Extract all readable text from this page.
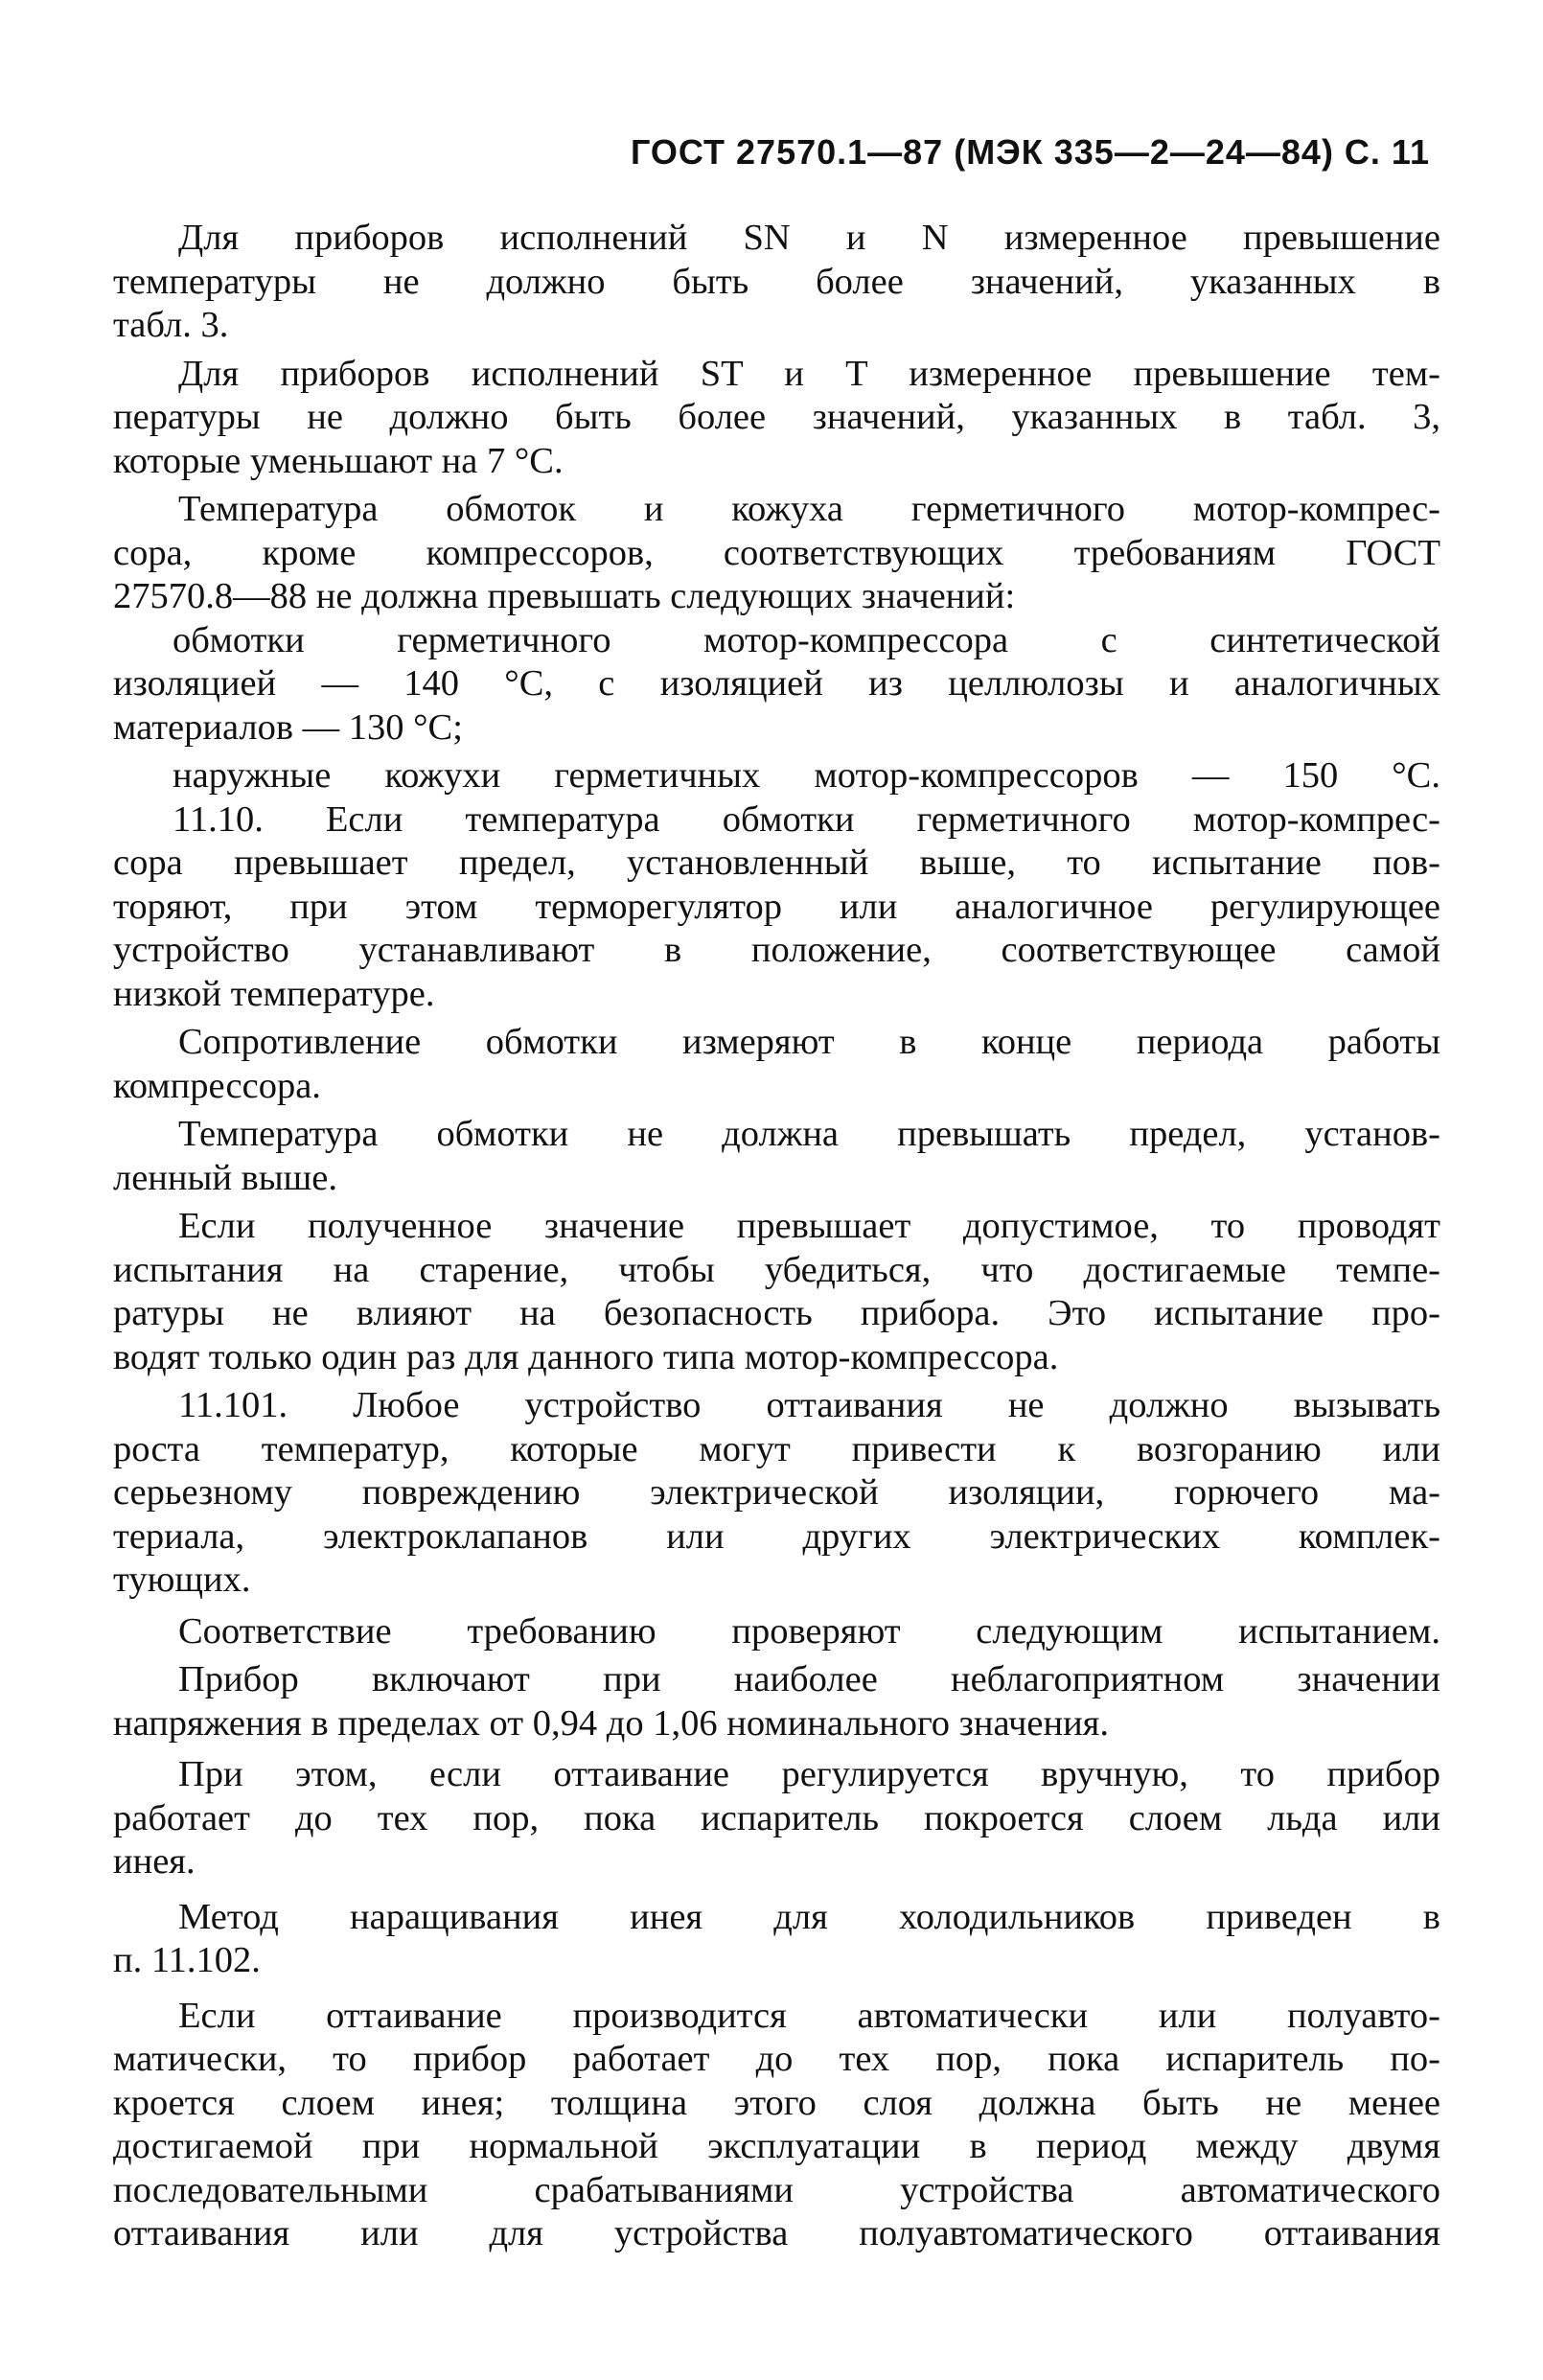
ГОСТ 27570.1—87 (МЭК 335—2—24—84) С. 11
Для приборов исполнений SN и N измеренное превышение
температуры не должно быть более значений, указанных в
табл. 3.
Для приборов исполнений ST и T измеренное превышение тем-
пературы не должно быть более значений, указанных в табл. 3,
которые уменьшают на 7 °С.
Температура обмоток и кожуха герметичного мотор-компрес-
сора, кроме компрессоров, соответствующих требованиям ГОСТ
27570.8—88 не должна превышать следующих значений:
обмотки герметичного мотор-компрессора с синтетической
изоляцией — 140 °С, с изоляцией из целлюлозы и аналогичных
материалов — 130 °С;
наружные кожухи герметичных мотор-компрессоров — 150 °С.
11.10. Если температура обмотки герметичного мотор-компрес-
сора превышает предел, установленный выше, то испытание пов-
торяют, при этом терморегулятор или аналогичное регулирующее
устройство устанавливают в положение, соответствующее самой
низкой температуре.
Сопротивление обмотки измеряют в конце периода работы
компрессора.
Температура обмотки не должна превышать предел, установ-
ленный выше.
Если полученное значение превышает допустимое, то проводят
испытания на старение, чтобы убедиться, что достигаемые темпе-
ратуры не влияют на безопасность прибора. Это испытание про-
водят только один раз для данного типа мотор-компрессора.
11.101. Любое устройство оттаивания не должно вызывать
роста температур, которые могут привести к возгоранию или
серьезному повреждению электрической изоляции, горючего ма-
териала, электроклапанов или других электрических комплек-
тующих.
Соответствие требованию проверяют следующим испытанием.
Прибор включают при наиболее неблагоприятном значении
напряжения в пределах от 0,94 до 1,06 номинального значения.
При этом, если оттаивание регулируется вручную, то прибор
работает до тех пор, пока испаритель покроется слоем льда или
инея.
Метод наращивания инея для холодильников приведен в
п. 11.102.
Если оттаивание производится автоматически или полуавто-
матически, то прибор работает до тех пор, пока испаритель по-
кроется слоем инея; толщина этого слоя должна быть не менее
достигаемой при нормальной эксплуатации в период между двумя
последовательными срабатываниями устройства автоматического
оттаивания или для устройства полуавтоматического оттаивания
